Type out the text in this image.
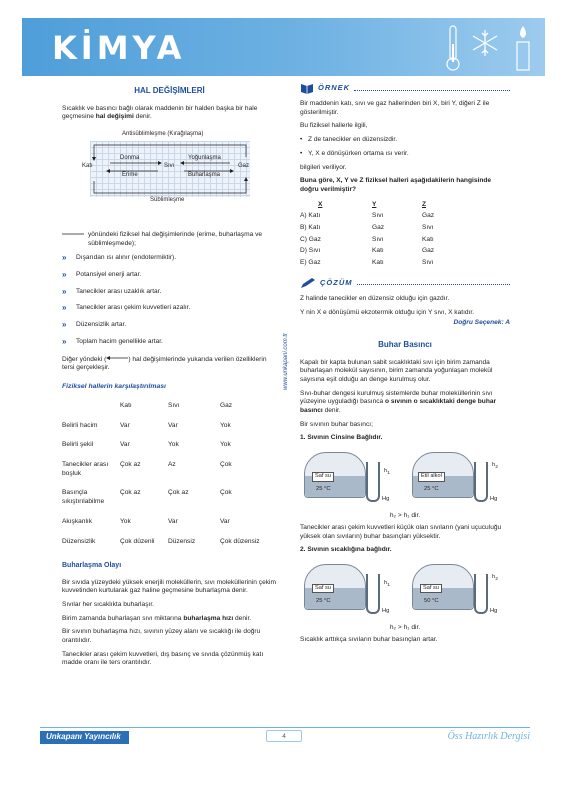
KİMYA
HAL DEĞİŞİMLERİ

Sıcaklık ve basıncı bağlı olarak maddenin bir halden başka bir hale geçmesine hal değişimi denir.

Antisüblimleşme (Kırağılaşma)
Katı	Sıvı	Gaz
Donma
Erime
Yoğunlaşma
Buharlaşma
Süblimleşme
yönündeki fiziksel hal değişimlerinde (erime, buharlaşma ve süblimleşmede);
» Dışarıdan ısı alınır (endotermiktir).
» Potansiyel enerji artar.
» Tanecikler arası uzaklık artar.
» Tanecikler arası çekim kuvvetleri azalır.
» Düzensizlik artar.
» Toplam hacim genellikle artar.

Diğer yöndeki (	) hal değişimlerinde yukarıda verilen özelliklerin tersi gerçekleşir.

Fiziksel hallerin karşılaştırılması
	Katı	Sıvı	Gaz
Belirli hacim	Var	Var	Yok
Belirli şekil	Var	Yok	Yok
Tanecikler arası boşluk	Çok az	Az	Çok
Basınçla sıkıştırılabilme	Çok az	Çok az	Çok
Akışkanlık	Yok	Var	Var
Düzensizlik	Çok düzenli	Düzensiz	Çok düzensiz
Buharlaşma Olayı

Bir sıvıda yüzeydeki yüksek enerjili moleküllerin, sıvı moleküllerinin çekim kuvvetinden kurtularak gaz haline geçmesine buharlaşma denir.

Sıvılar her sıcaklıkta buharlaşır.

Birim zamanda buharlaşan sıvı miktarına buharlaşma hızı denir.

Bir sıvının buharlaşma hızı, sıvının yüzey alanı ve sıcaklığı ile doğru orantılıdır.

Tanecikler arası çekim kuvvetleri, dış basınç ve sıvıda çözünmüş katı madde oranı ile ters orantılıdır.

www.unkapani.com.tr
ÖRNEK

Bir maddenin katı, sıvı ve gaz hallerinden biri X, biri Y, diğeri Z ile gösterilmiştir.

Bu fiziksel hallerle ilgili,

• Z de tanecikler en düzensizdir.
• Y, X e dönüşürken ortama ısı verir.

bilgileri veriliyor.

Buna göre, X, Y ve Z fiziksel halleri aşağıdakilerin hangisinde doğru verilmiştir?

X	Y	Z
A) Katı	Sıvı	Gaz
B) Katı	Gaz	Sıvı
C) Gaz	Sıvı	Katı
D) Sıvı	Katı	Gaz
E) Gaz	Katı	Sıvı
ÇÖZÜM

Z halinde tanecikler en düzensiz olduğu için gazdır.

Y nin X e dönüşümü ekzotermik olduğu için Y sıvı, X katıdır.

Doğru Seçenek: A
Buhar Basıncı

Kapalı bir kapta bulunan sabit sıcaklıktaki sıvı için birim zamanda buharlaşan molekül sayısının, birim zamanda yoğunlaşan molekül sayısına eşit olduğu an denge kurulmuş olur.

Sıvı-buhar dengesi kurulmuş sistemlerde buhar moleküllerinin sıvı yüzeyine uyguladığı basınca o sıvının o sıcaklıktaki denge buhar basıncı denir.

Bir sıvının buhar basıncı;

1. Sıvının Cinsine Bağlıdır.

Saf su
25 °C
$h_1$
Hg
Etil alkol
25 °C
$h_2$
Hg
h₂ > h₁ dir.

Tanecikler arası çekim kuvvetleri küçük olan sıvıların (yani uçuculuğu yüksek olan sıvıların) buhar basınçları yüksektir.

2. Sıvının sıcaklığına bağlıdır.

Saf su
25 °C
$h_1$
Hg
Saf su
50 °C
$h_2$
Hg
h₂ > h₁ dir.

Sıcaklık arttıkça sıvıların buhar basınçları artar.

Unkapanı Yayıncılık	4	Öss Hazırlık Dergisi
